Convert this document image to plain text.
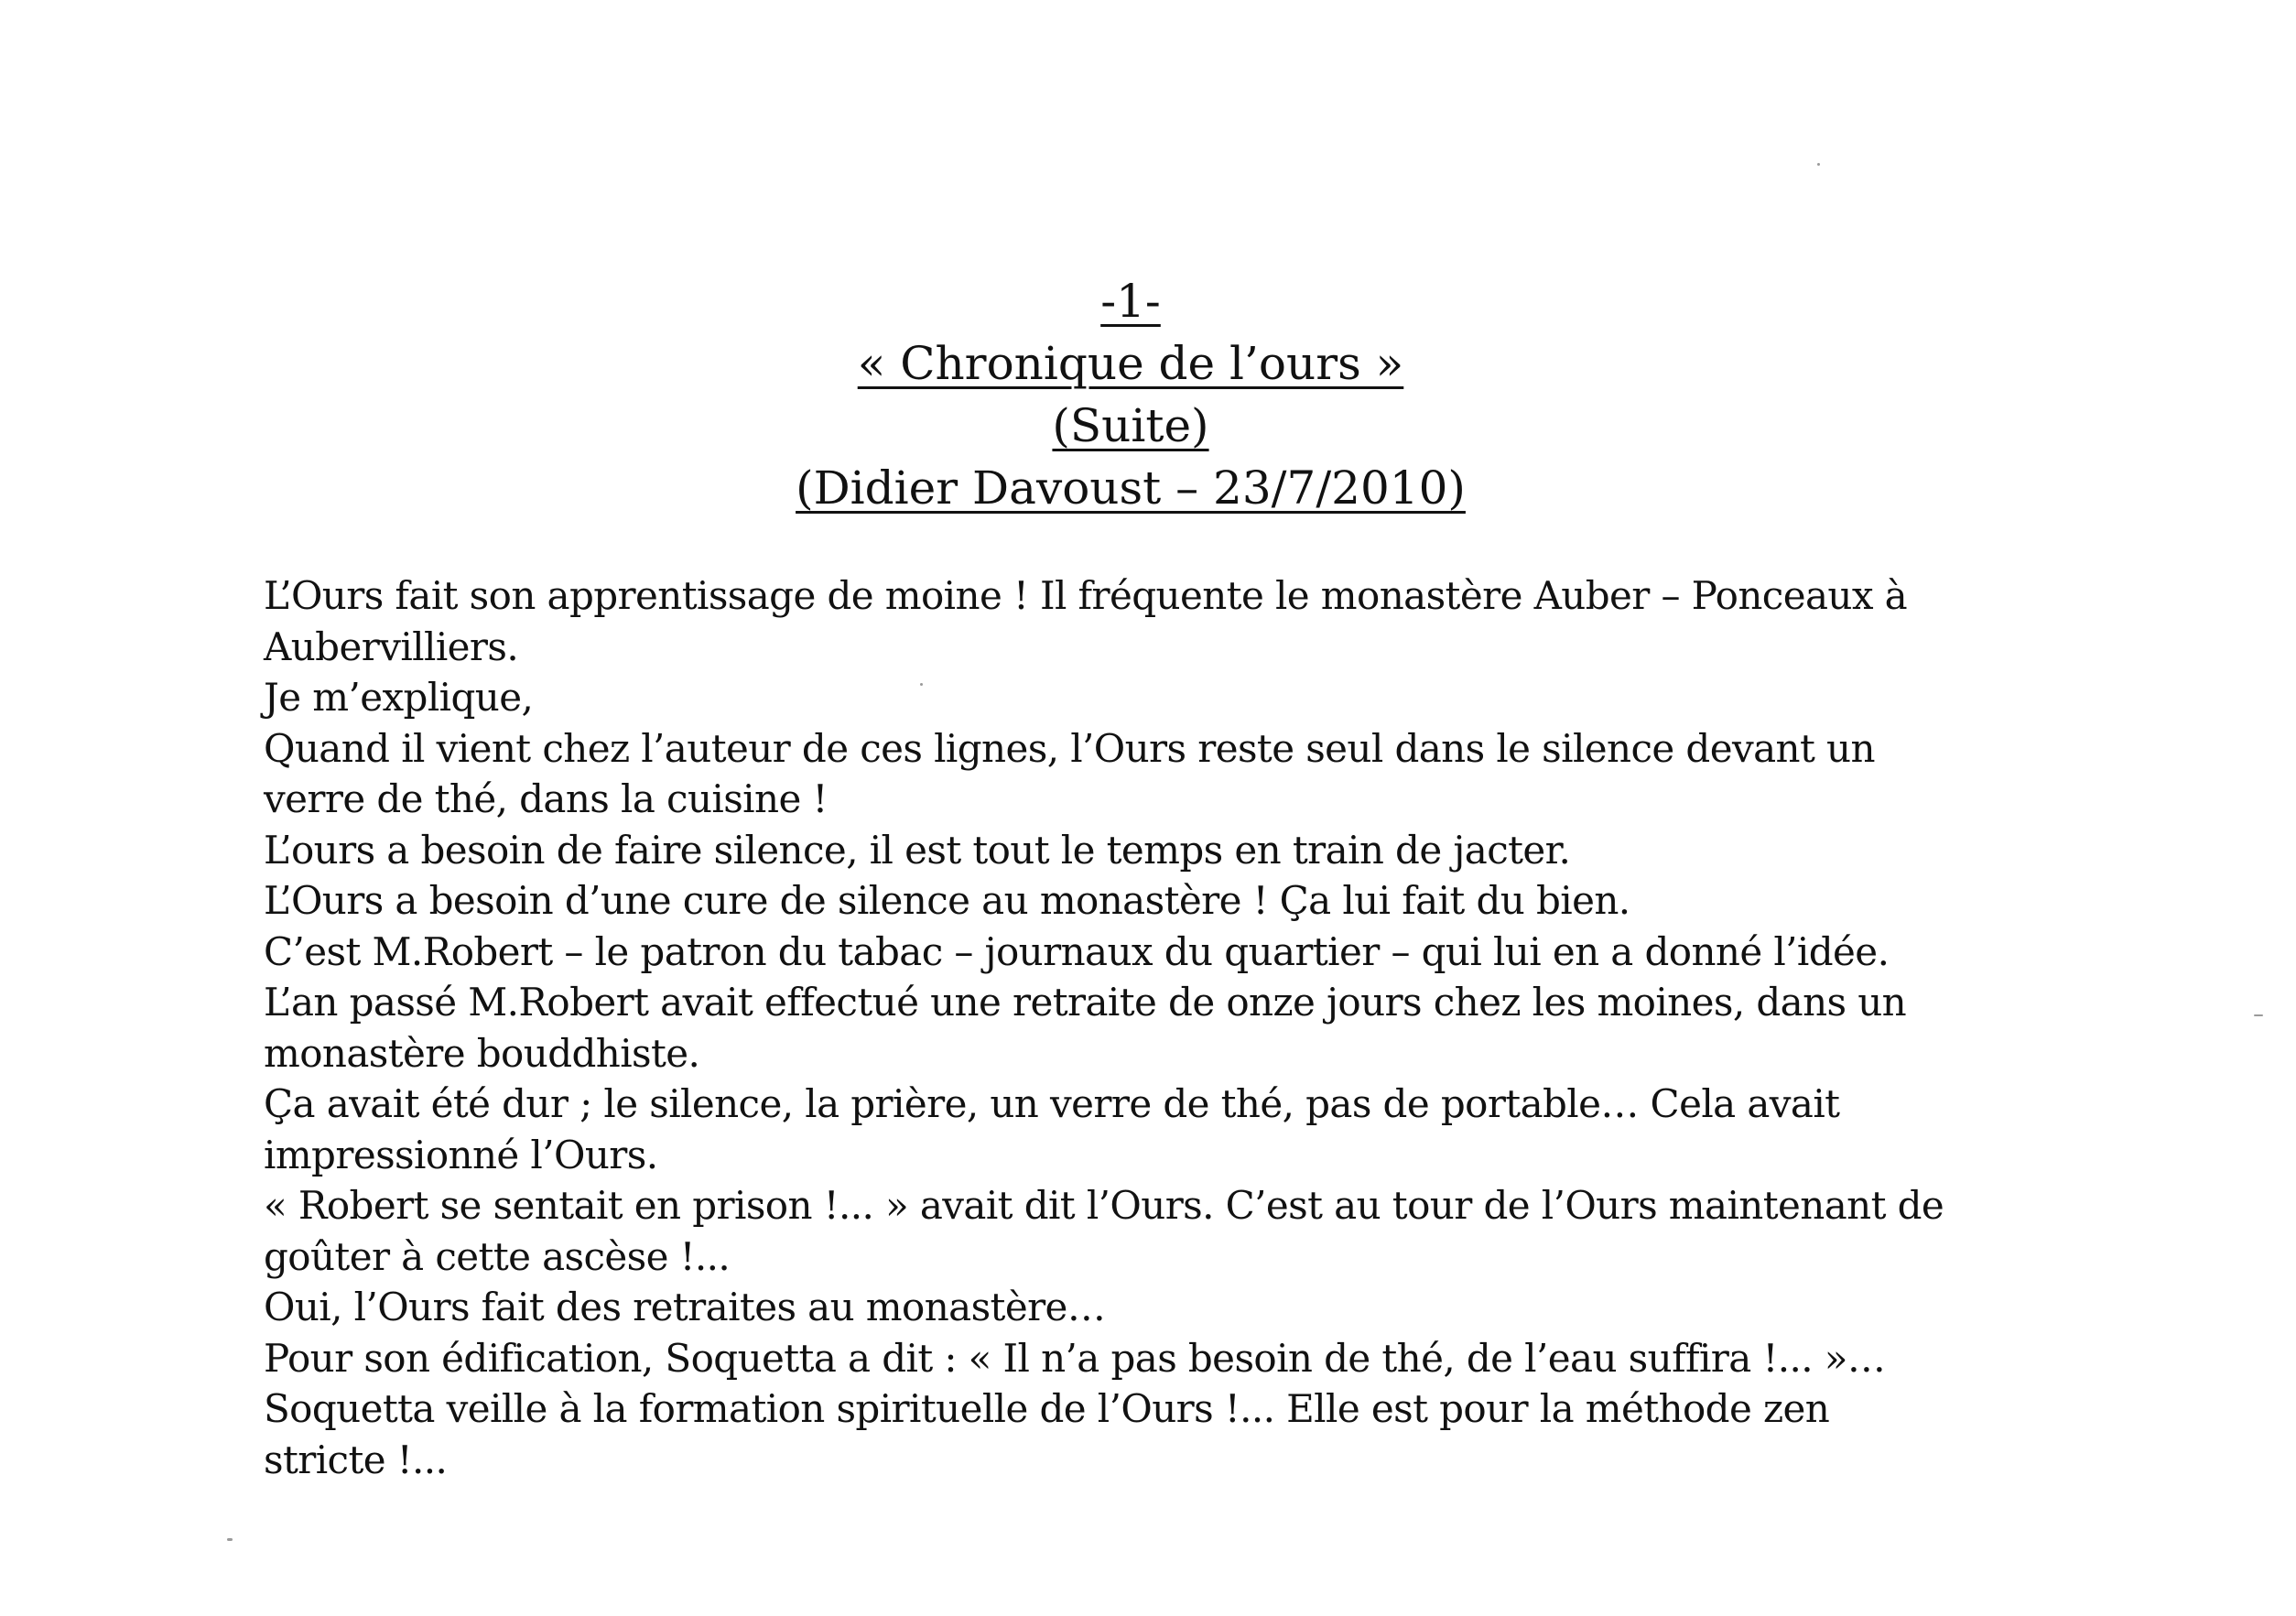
-1-
« Chronique de l’ours »
(Suite)
(Didier Davoust – 23/7/2010)
L’Ours fait son apprentissage de moine ! Il fréquente le monastère Auber – Ponceaux à
Aubervilliers.
Je m’explique,
Quand il vient chez l’auteur de ces lignes, l’Ours reste seul dans le silence devant un
verre de thé, dans la cuisine !
L’ours a besoin de faire silence, il est tout le temps en train de jacter.
L’Ours a besoin d’une cure de silence au monastère ! Ça lui fait du bien.
C’est M.Robert – le patron du tabac – journaux du quartier – qui lui en a donné l’idée.
L’an passé M.Robert avait effectué une retraite de onze jours chez les moines, dans un
monastère bouddhiste.
Ça avait été dur ; le silence, la prière, un verre de thé, pas de portable… Cela avait
impressionné l’Ours.
« Robert se sentait en prison !... » avait dit l’Ours. C’est au tour de l’Ours maintenant de
goûter à cette ascèse !...
Oui, l’Ours fait des retraites au monastère…
Pour son édification, Soquetta a dit : « Il n’a pas besoin de thé, de l’eau suffira !... »…
Soquetta veille à la formation spirituelle de l’Ours !... Elle est pour la méthode zen
stricte !...
